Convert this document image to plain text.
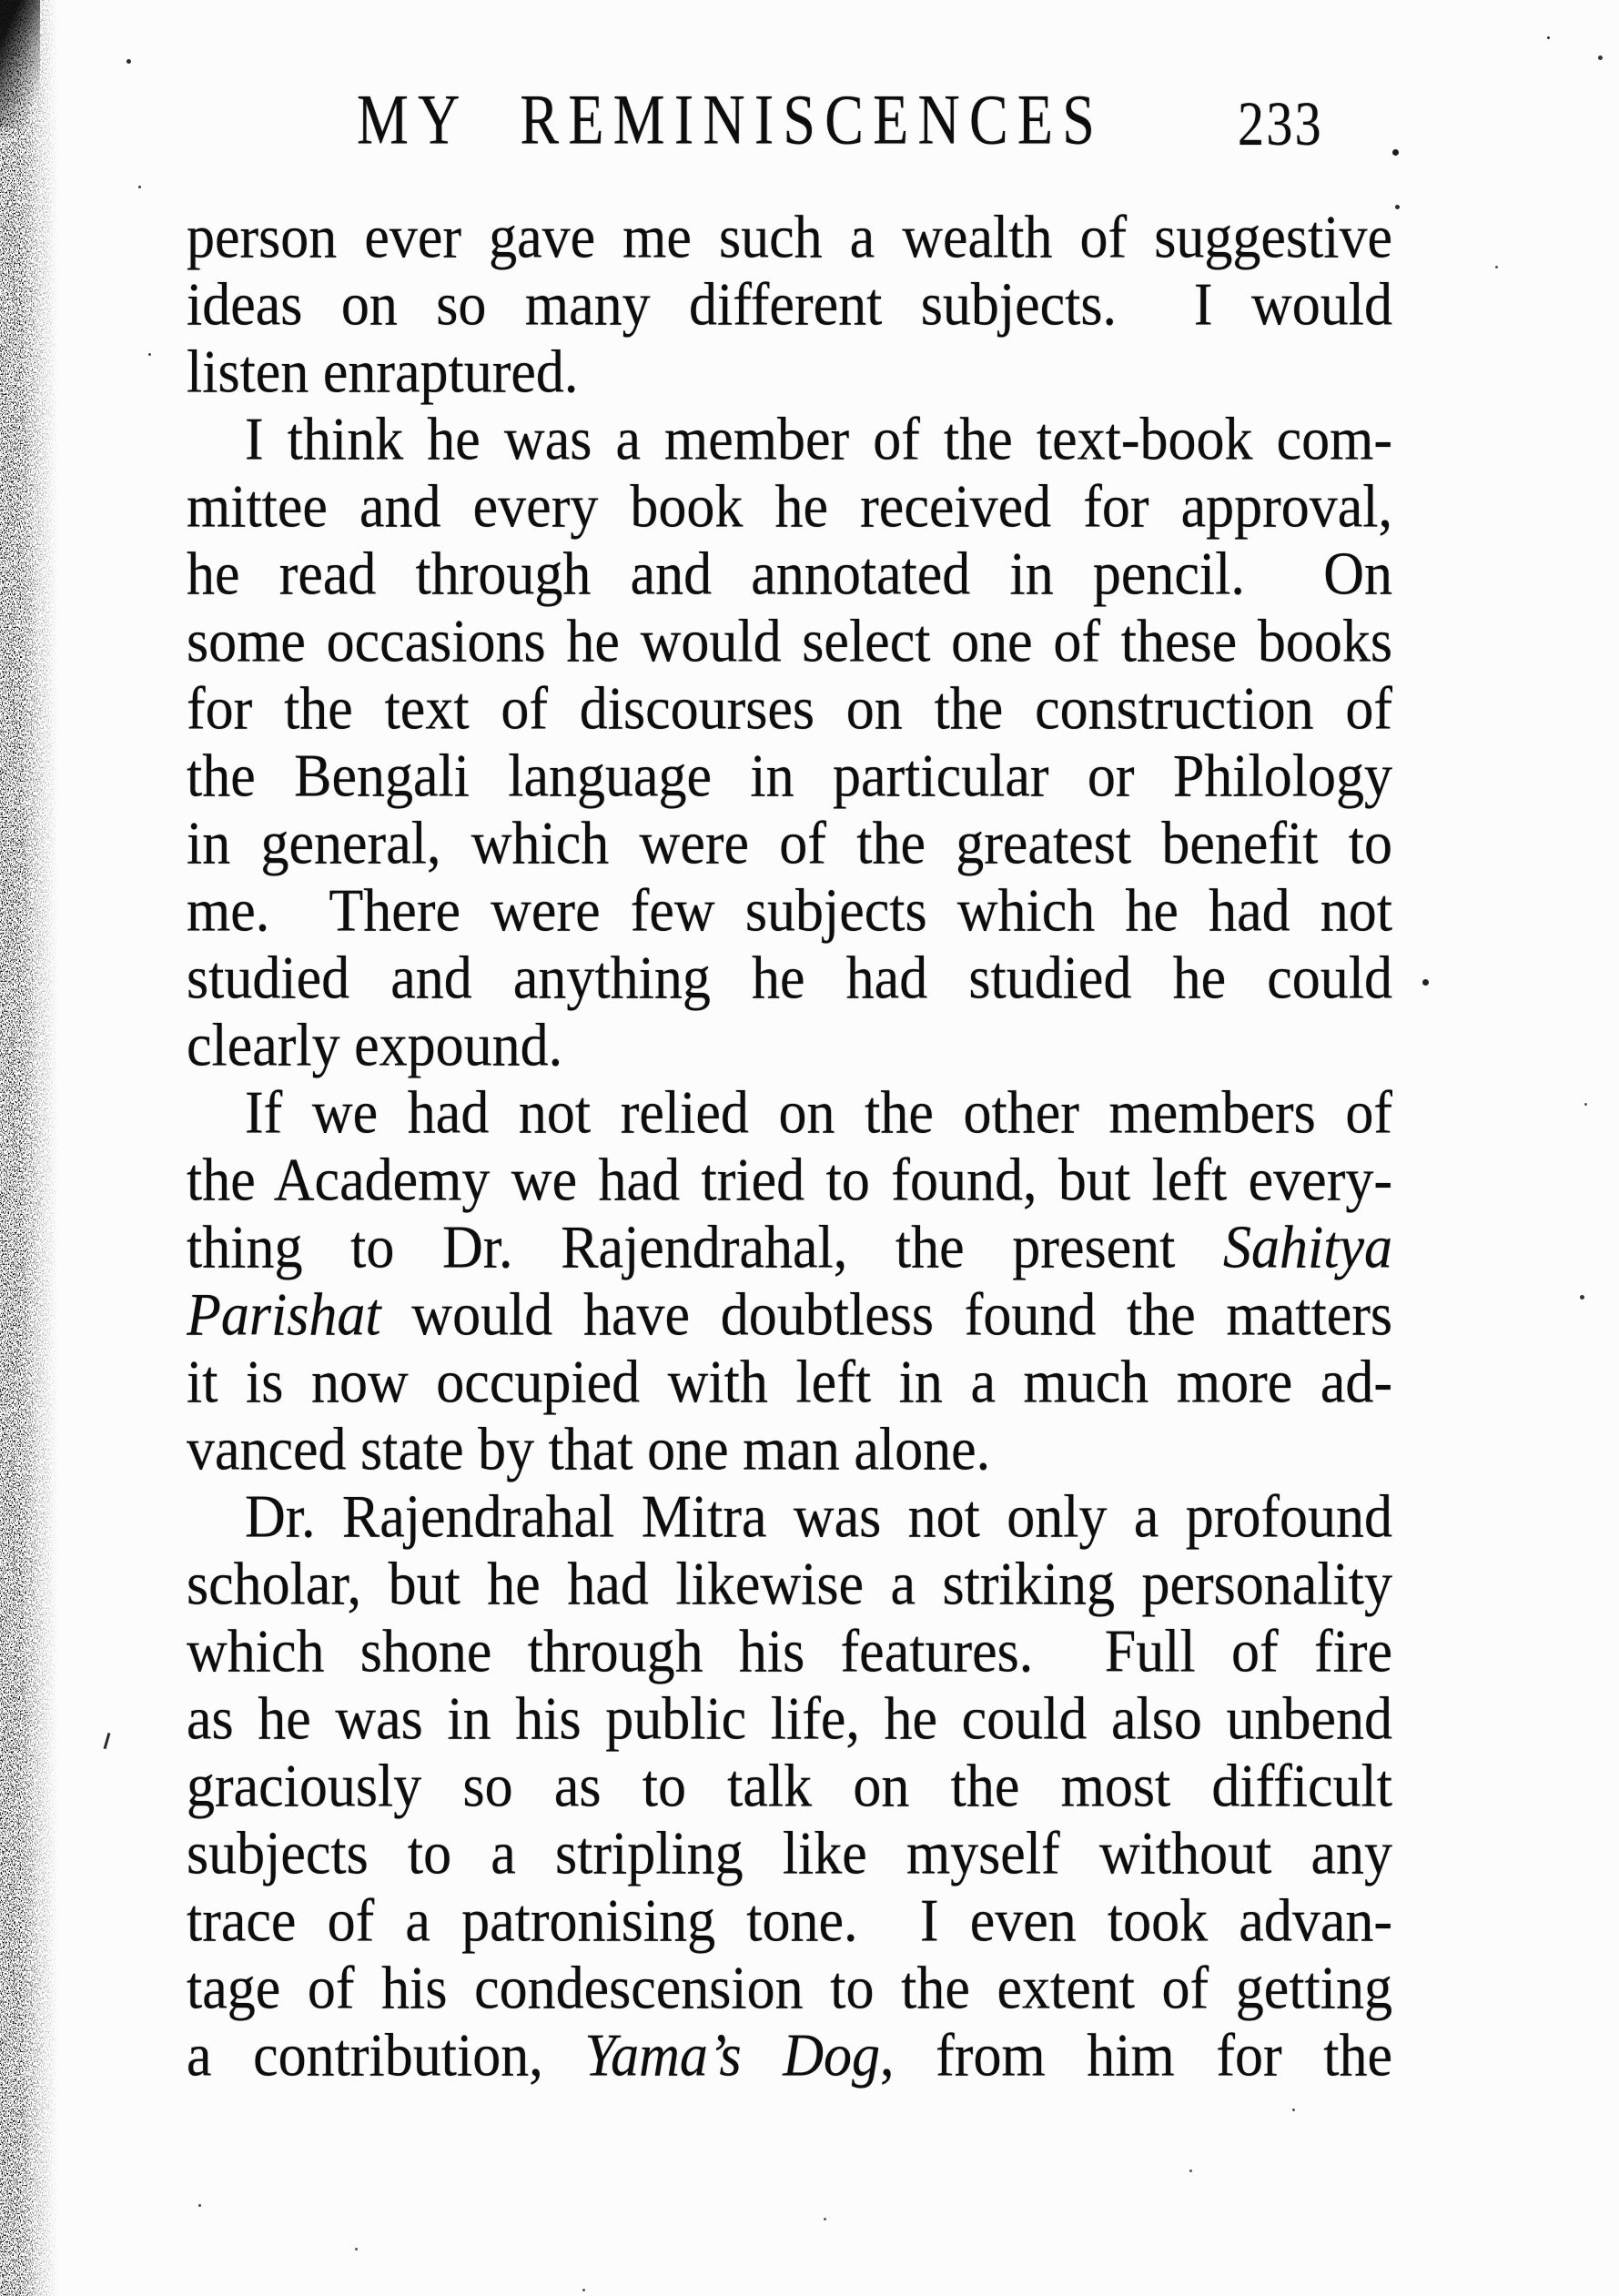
MY REMINISCENCES	233
person ever gave me such a wealth of suggestive
ideas on so many different subjects.  I would
listen enraptured.
I think he was a member of the text-book com-
mittee and every book he received for approval,
he read through and annotated in pencil.  On
some occasions he would select one of these books
for the text of discourses on the construction of
the Bengali language in particular or Philology
in general, which were of the greatest benefit to
me.  There were few subjects which he had not
studied and anything he had studied he could
clearly expound.
If we had not relied on the other members of
the Academy we had tried to found, but left every-
thing to Dr. Rajendrahal, the present Sahitya
Parishat would have doubtless found the matters
it is now occupied with left in a much more ad-
vanced state by that one man alone.
Dr. Rajendrahal Mitra was not only a profound
scholar, but he had likewise a striking personality
which shone through his features.  Full of fire
as he was in his public life, he could also unbend
graciously so as to talk on the most difficult
subjects to a stripling like myself without any
trace of a patronising tone.  I even took advan-
tage of his condescension to the extent of getting
a contribution, Yama’s Dog, from him for the
